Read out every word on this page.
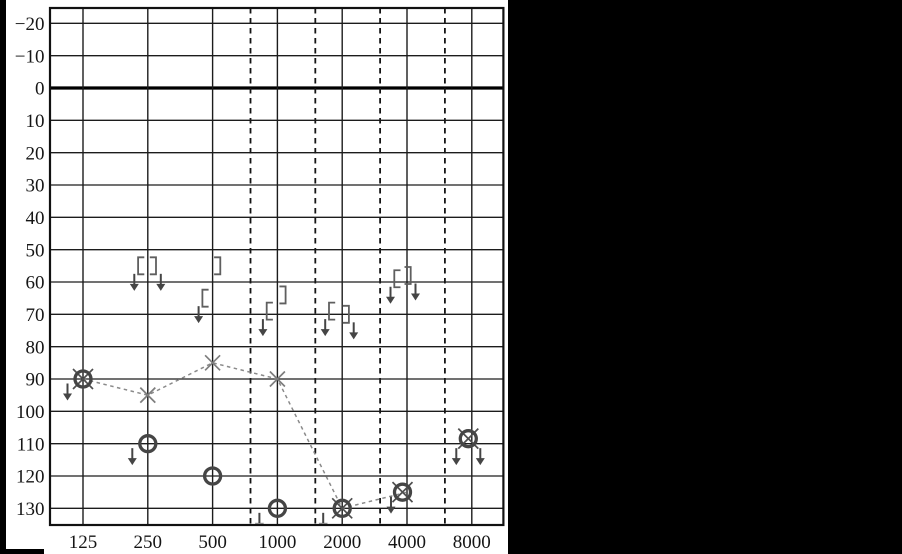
−20
−10
0
10
20
30
40
50
60
70
80
90
100
110
120
130
125 250 500 1000 2000 4000 8000
